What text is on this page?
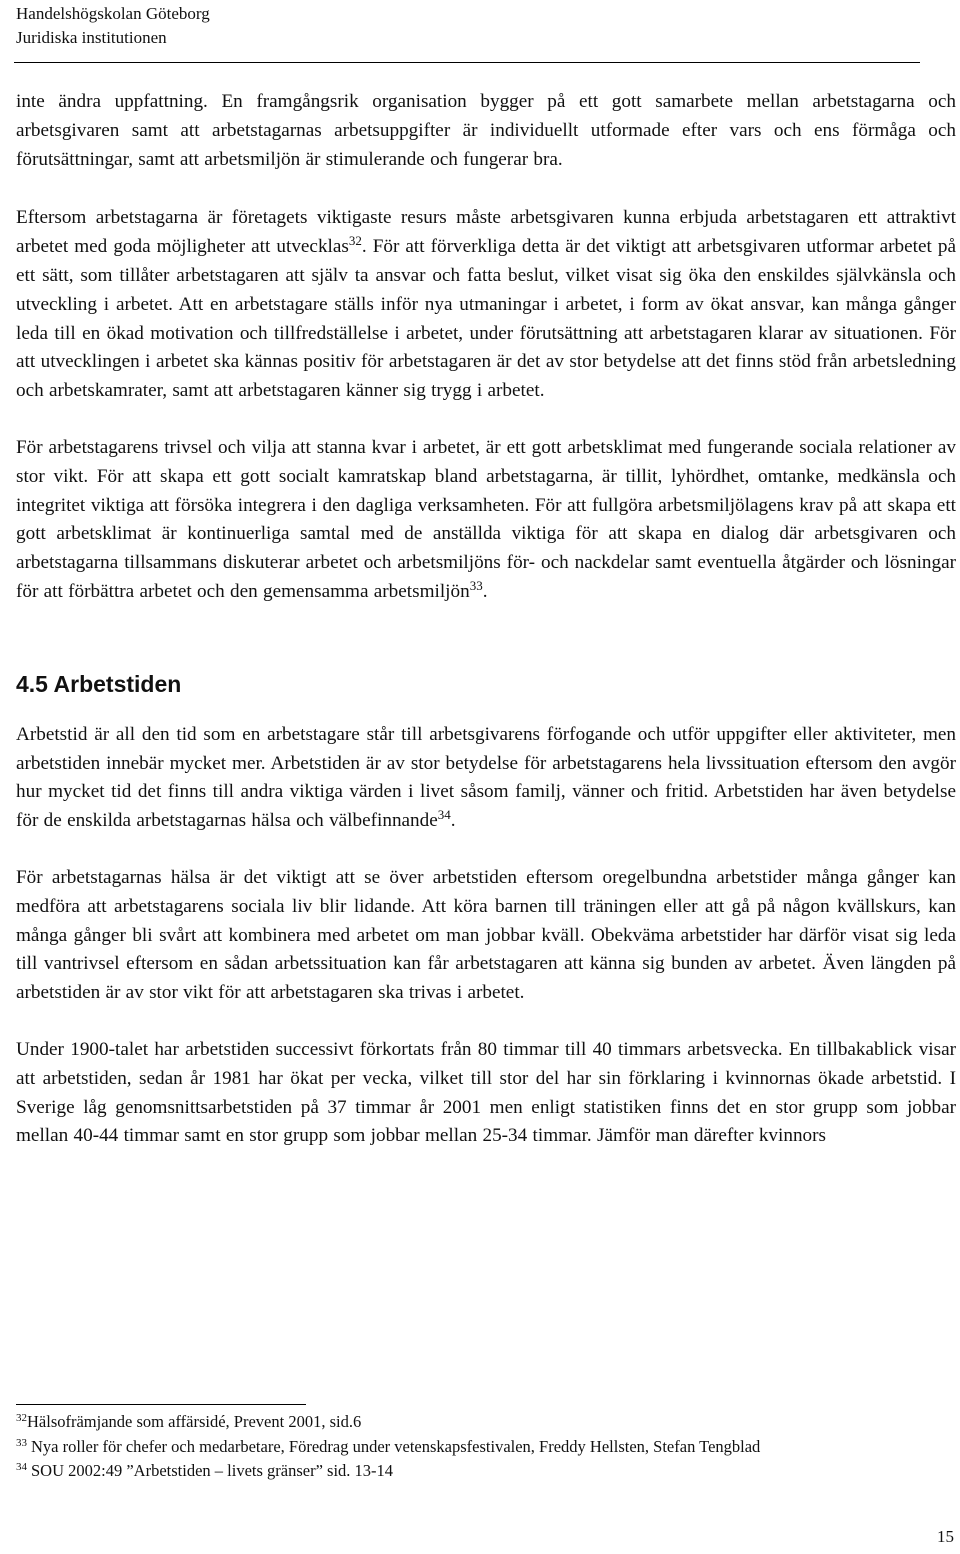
Handelshögskolan Göteborg
Juridiska institutionen

inte ändra uppfattning. En framgångsrik organisation bygger på ett gott samarbete mellan arbetstagarna och arbetsgivaren samt att arbetstagarnas arbetsuppgifter är individuellt utformade efter vars och ens förmåga och förutsättningar, samt att arbetsmiljön är stimulerande och fungerar bra.

Eftersom arbetstagarna är företagets viktigaste resurs måste arbetsgivaren kunna erbjuda arbetstagaren ett attraktivt arbetet med goda möjligheter att utvecklas$^{32}$. För att förverkliga detta är det viktigt att arbetsgivaren utformar arbetet på ett sätt, som tillåter arbetstagaren att själv ta ansvar och fatta beslut, vilket visat sig öka den enskildes självkänsla och utveckling i arbetet. Att en arbetstagare ställs inför nya utmaningar i arbetet, i form av ökat ansvar, kan många gånger leda till en ökad motivation och tillfredställelse i arbetet, under förutsättning att arbetstagaren klarar av situationen. För att utvecklingen i arbetet ska kännas positiv för arbetstagaren är det av stor betydelse att det finns stöd från arbetsledning och arbetskamrater, samt att arbetstagaren känner sig trygg i arbetet.

För arbetstagarens trivsel och vilja att stanna kvar i arbetet, är ett gott arbetsklimat med fungerande sociala relationer av stor vikt. För att skapa ett gott socialt kamratskap bland arbetstagarna, är tillit, lyhördhet, omtanke, medkänsla och integritet viktiga att försöka integrera i den dagliga verksamheten. För att fullgöra arbetsmiljölagens krav på att skapa ett gott arbetsklimat är kontinuerliga samtal med de anställda viktiga för att skapa en dialog där arbetsgivaren och arbetstagarna tillsammans diskuterar arbetet och arbetsmiljöns för- och nackdelar samt eventuella åtgärder och lösningar för att förbättra arbetet och den gemensamma arbetsmiljön$^{33}$.

4.5 Arbetstiden

Arbetstid är all den tid som en arbetstagare står till arbetsgivarens förfogande och utför uppgifter eller aktiviteter, men arbetstiden innebär mycket mer. Arbetstiden är av stor betydelse för arbetstagarens hela livssituation eftersom den avgör hur mycket tid det finns till andra viktiga värden i livet såsom familj, vänner och fritid. Arbetstiden har även betydelse för de enskilda arbetstagarnas hälsa och välbefinnande$^{34}$.

För arbetstagarnas hälsa är det viktigt att se över arbetstiden eftersom oregelbundna arbetstider många gånger kan medföra att arbetstagarens sociala liv blir lidande. Att köra barnen till träningen eller att gå på någon kvällskurs, kan många gånger bli svårt att kombinera med arbetet om man jobbar kväll. Obekväma arbetstider har därför visat sig leda till vantrivsel eftersom en sådan arbetssituation kan får arbetstagaren att känna sig bunden av arbetet. Även längden på arbetstiden är av stor vikt för att arbetstagaren ska trivas i arbetet.

Under 1900-talet har arbetstiden successivt förkortats från 80 timmar till 40 timmars arbetsvecka. En tillbakablick visar att arbetstiden, sedan år 1981 har ökat per vecka, vilket till stor del har sin förklaring i kvinnornas ökade arbetstid. I Sverige låg genomsnittsarbetstiden på 37 timmar år 2001 men enligt statistiken finns det en stor grupp som jobbar mellan 40-44 timmar samt en stor grupp som jobbar mellan 25-34 timmar. Jämför man därefter kvinnors

$^{32}$Hälsofrämjande som affärsidé, Prevent 2001, sid.6
$^{33}$ Nya roller för chefer och medarbetare, Föredrag under vetenskapsfestivalen, Freddy Hellsten, Stefan Tengblad
$^{34}$ SOU 2002:49 ”Arbetstiden – livets gränser” sid. 13-14
15
